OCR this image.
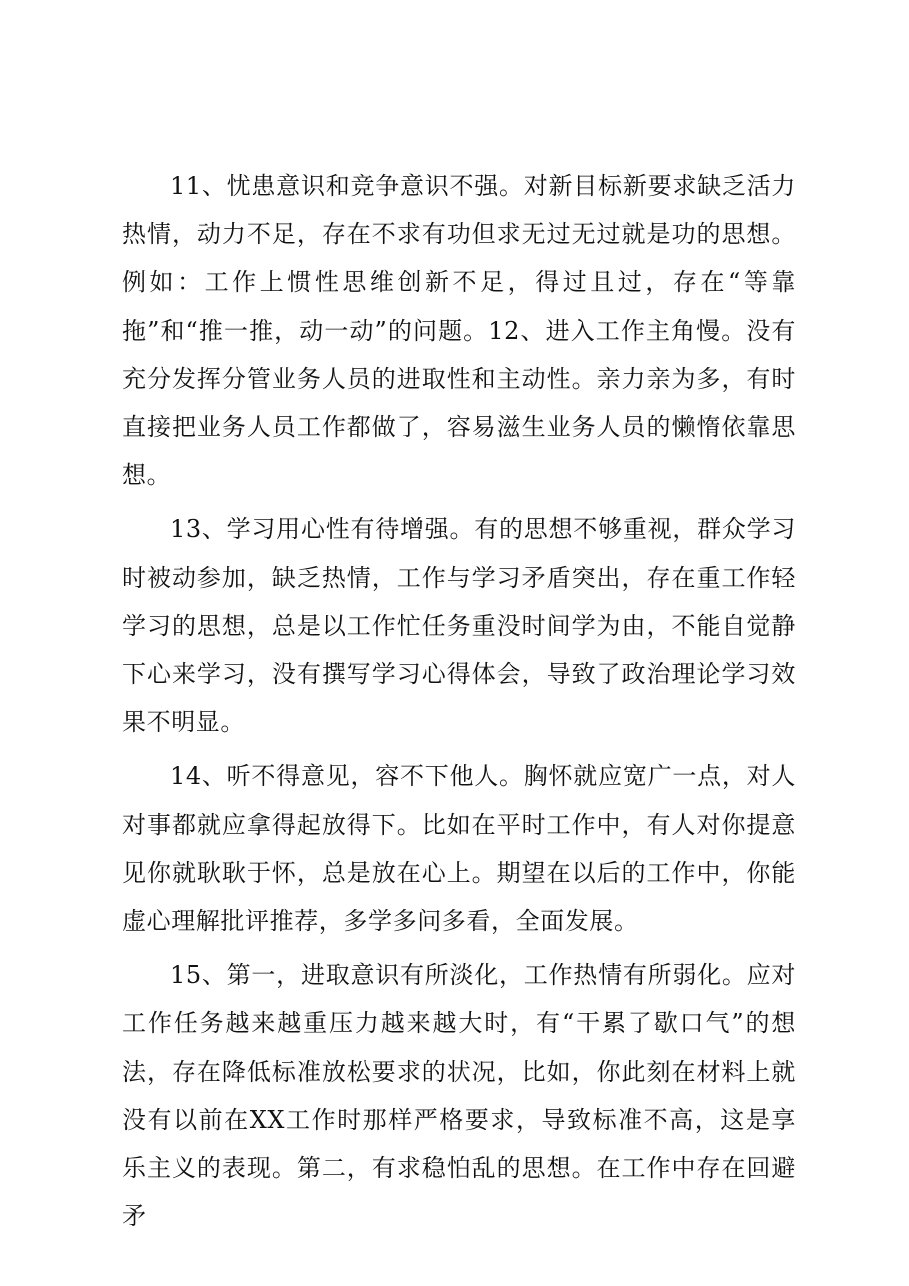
11、忧患意识和竞争意识不强。对新目标新要求缺乏活力热情，动力不足，存在不求有功但求无过无过就是功的思想。例如：工作上惯性思维创新不足，得过且过，存在“等靠拖”和“推一推，动一动”的问题。12、进入工作主角慢。没有充分发挥分管业务人员的进取性和主动性。亲力亲为多，有时直接把业务人员工作都做了，容易滋生业务人员的懒惰依靠思想。

13、学习用心性有待增强。有的思想不够重视，群众学习时被动参加，缺乏热情，工作与学习矛盾突出，存在重工作轻学习的思想，总是以工作忙任务重没时间学为由，不能自觉静下心来学习，没有撰写学习心得体会，导致了政治理论学习效果不明显。

14、听不得意见，容不下他人。胸怀就应宽广一点，对人对事都就应拿得起放得下。比如在平时工作中，有人对你提意见你就耿耿于怀，总是放在心上。期望在以后的工作中，你能虚心理解批评推荐，多学多问多看，全面发展。

15、第一，进取意识有所淡化，工作热情有所弱化。应对工作任务越来越重压力越来越大时，有“干累了歇口气”的想法，存在降低标准放松要求的状况，比如，你此刻在材料上就没有以前在XX工作时那样严格要求，导致标准不高，这是享乐主义的表现。第二，有求稳怕乱的思想。在工作中存在回避矛
